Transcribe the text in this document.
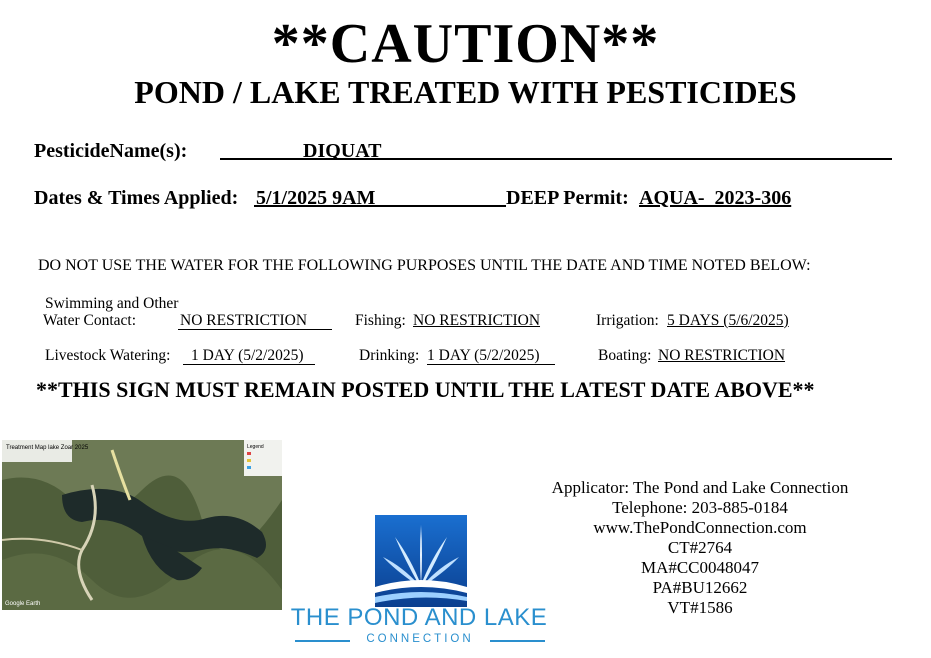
**CAUTION**
POND / LAKE TREATED WITH PESTICIDES
PesticideName(s):	DIQUAT
Dates & Times Applied: 5/1/2025 9AM	DEEP Permit: AQUA-  2023-306
DO NOT USE THE WATER FOR THE FOLLOWING PURPOSES UNTIL THE DATE AND TIME NOTED BELOW:
Swimming and Other
Water Contact:	NO RESTRICTION	Fishing: NO RESTRICTION	Irrigation: 5 DAYS (5/6/2025)
Livestock Watering: 1 DAY (5/2/2025)	Drinking: 1 DAY (5/2/2025)	Boating: NO RESTRICTION
**THIS SIGN MUST REMAIN POSTED UNTIL THE LATEST DATE ABOVE**
Treatment Map lake Zoar 2025	Legend
Google Earth	THE POND AND LAKE
CONNECTION
Applicator: The Pond and Lake Connection
Telephone: 203-885-0184
www.ThePondConnection.com
CT#2764
MA#CC0048047
PA#BU12662
VT#1586
